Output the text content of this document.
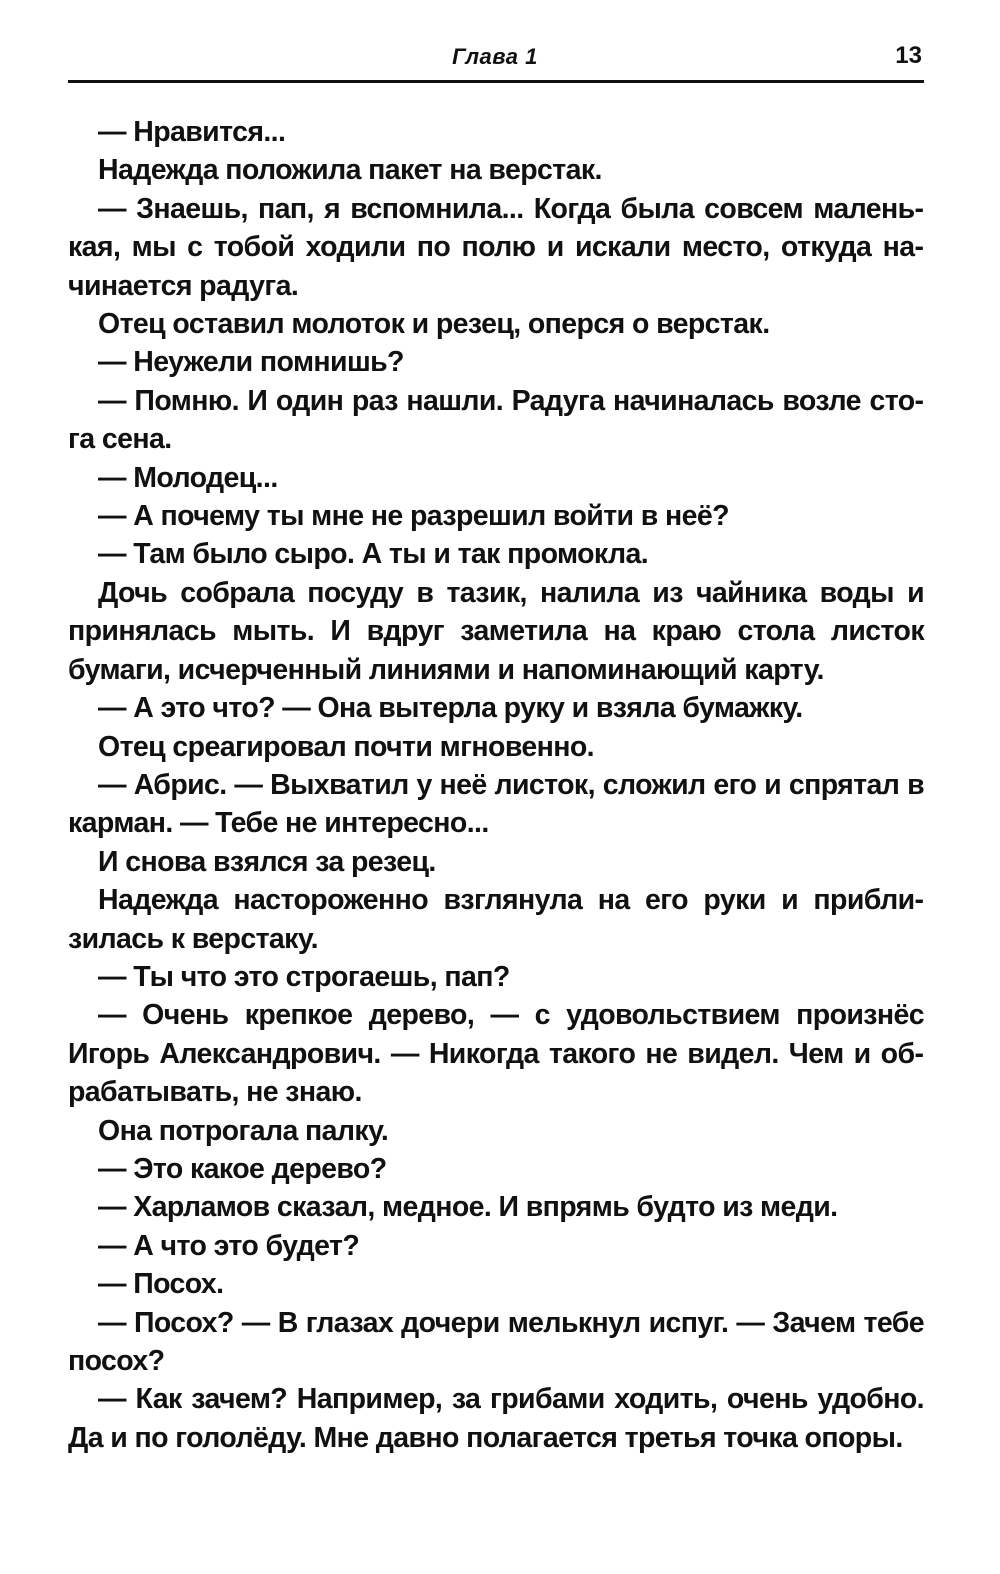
Глава 1	13

— Нравится...

Надежда положила пакет на верстак.

— Знаешь, пап, я вспомнила... Когда была совсем маленькая, мы с тобой ходили по полю и искали место, откуда начинается радуга.

Отец оставил молоток и резец, оперся о верстак.

— Неужели помнишь?

— Помню. И один раз нашли. Радуга начиналась возле стога сена.

— Молодец...

— А почему ты мне не разрешил войти в неё?

— Там было сыро. А ты и так промокла.

Дочь собрала посуду в тазик, налила из чайника воды и принялась мыть. И вдруг заметила на краю стола листок бумаги, исчерченный линиями и напоминающий карту.

— А это что? — Она вытерла руку и взяла бумажку.

Отец среагировал почти мгновенно.

— Абрис. — Выхватил у неё листок, сложил его и спрятал в карман. — Тебе не интересно...

И снова взялся за резец.

Надежда настороженно взглянула на его руки и приблизилась к верстаку.

— Ты что это строгаешь, пап?

— Очень крепкое дерево, — с удовольствием произнёс Игорь Александрович. — Никогда такого не видел. Чем и обрабатывать, не знаю.

Она потрогала палку.

— Это какое дерево?

— Харламов сказал, медное. И впрямь будто из меди.

— А что это будет?

— Посох.

— Посох? — В глазах дочери мелькнул испуг. — Зачем тебе посох?

— Как зачем? Например, за грибами ходить, очень удобно. Да и по гололёду. Мне давно полагается третья точка опоры.
